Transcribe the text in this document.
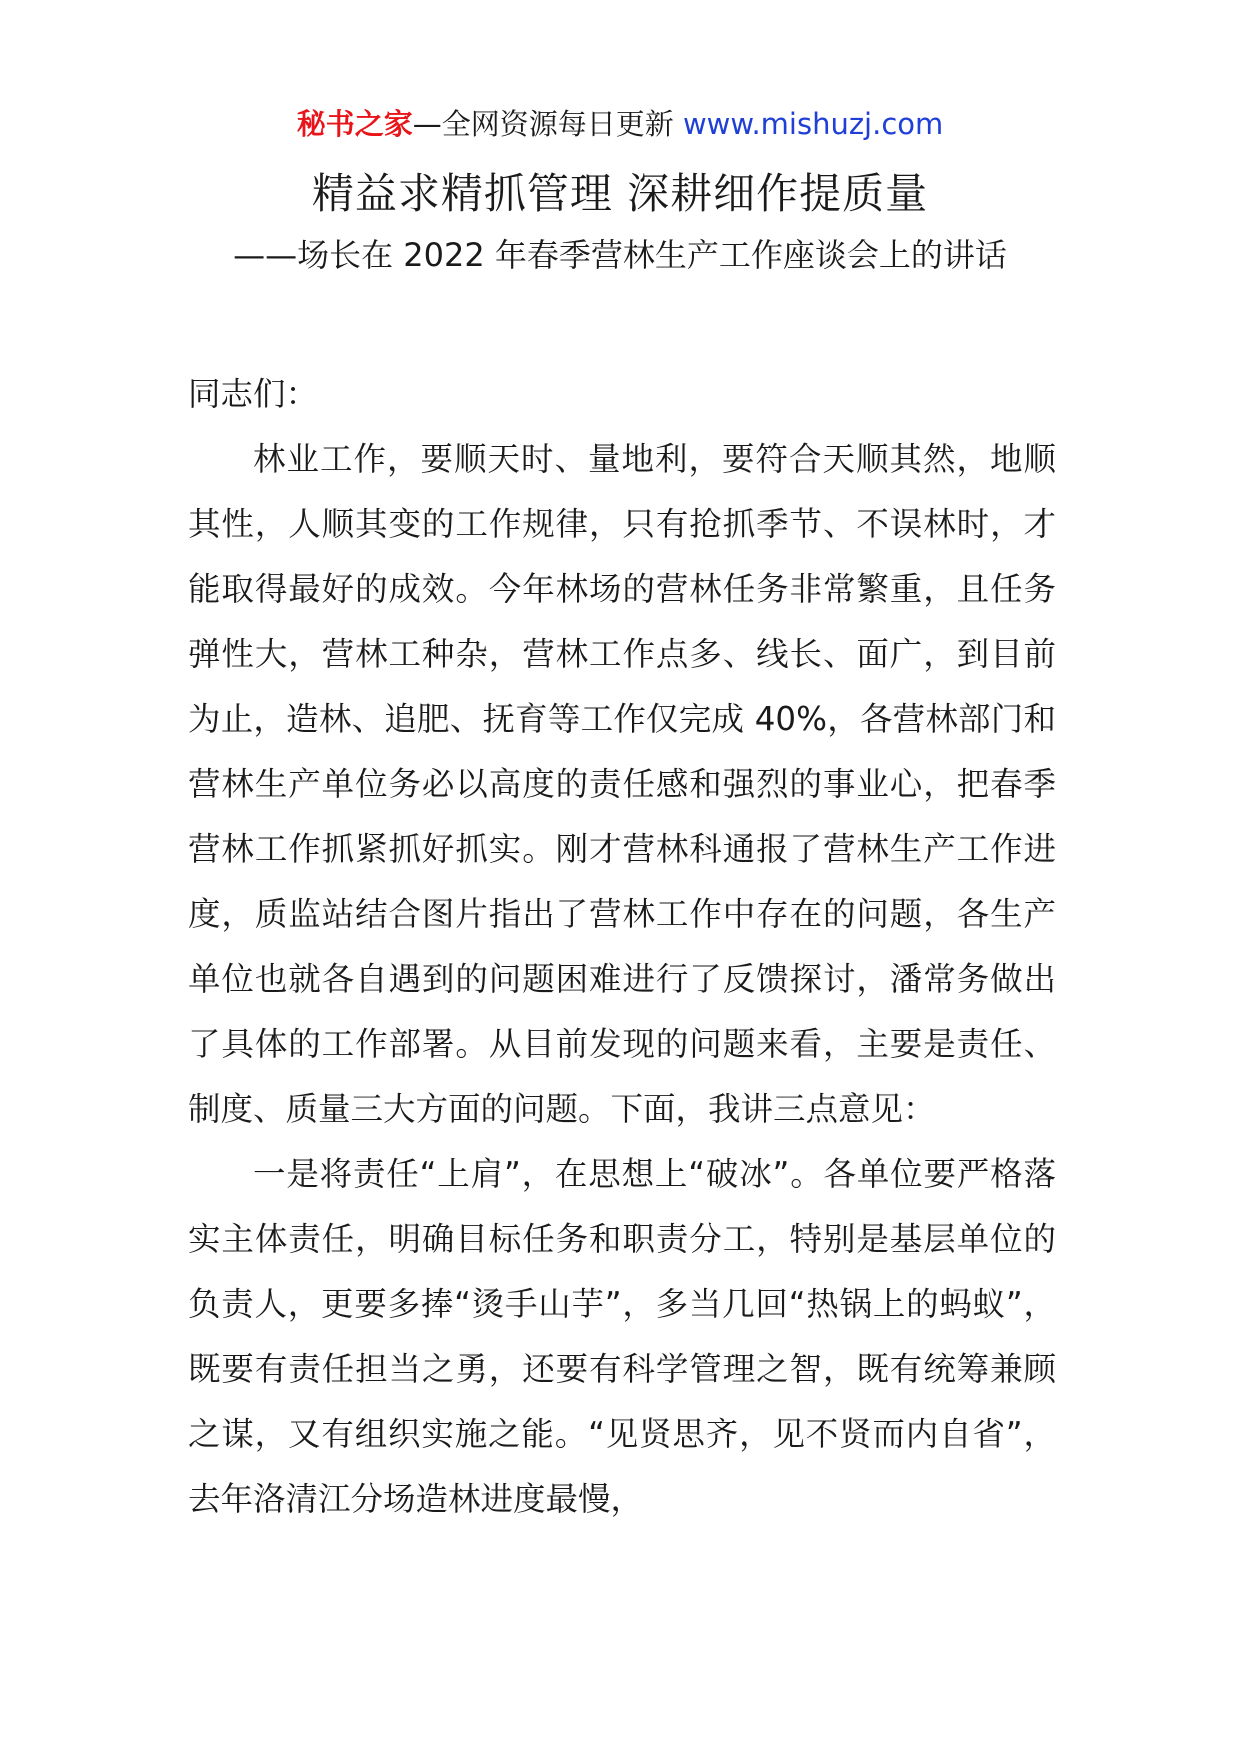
秘书之家—全网资源每日更新 www.mishuzj.com
精益求精抓管理 深耕细作提质量
——场长在 2022 年春季营林生产工作座谈会上的讲话

同志们：

林业工作，要顺天时、量地利，要符合天顺其然，地顺其性，人顺其变的工作规律，只有抢抓季节、不误林时，才能取得最好的成效。今年林场的营林任务非常繁重，且任务弹性大，营林工种杂，营林工作点多、线长、面广，到目前为止，造林、追肥、抚育等工作仅完成 40%，各营林部门和营林生产单位务必以高度的责任感和强烈的事业心，把春季营林工作抓紧抓好抓实。刚才营林科通报了营林生产工作进度，质监站结合图片指出了营林工作中存在的问题，各生产单位也就各自遇到的问题困难进行了反馈探讨，潘常务做出了具体的工作部署。从目前发现的问题来看，主要是责任、制度、质量三大方面的问题。下面，我讲三点意见：

一是将责任“上肩”，在思想上“破冰”。各单位要严格落实主体责任，明确目标任务和职责分工，特别是基层单位的负责人，更要多捧“烫手山芋”，多当几回“热锅上的蚂蚁”，既要有责任担当之勇，还要有科学管理之智，既有统筹兼顾之谋，又有组织实施之能。“见贤思齐，见不贤而内自省”，去年洛清江分场造林进度最慢，
